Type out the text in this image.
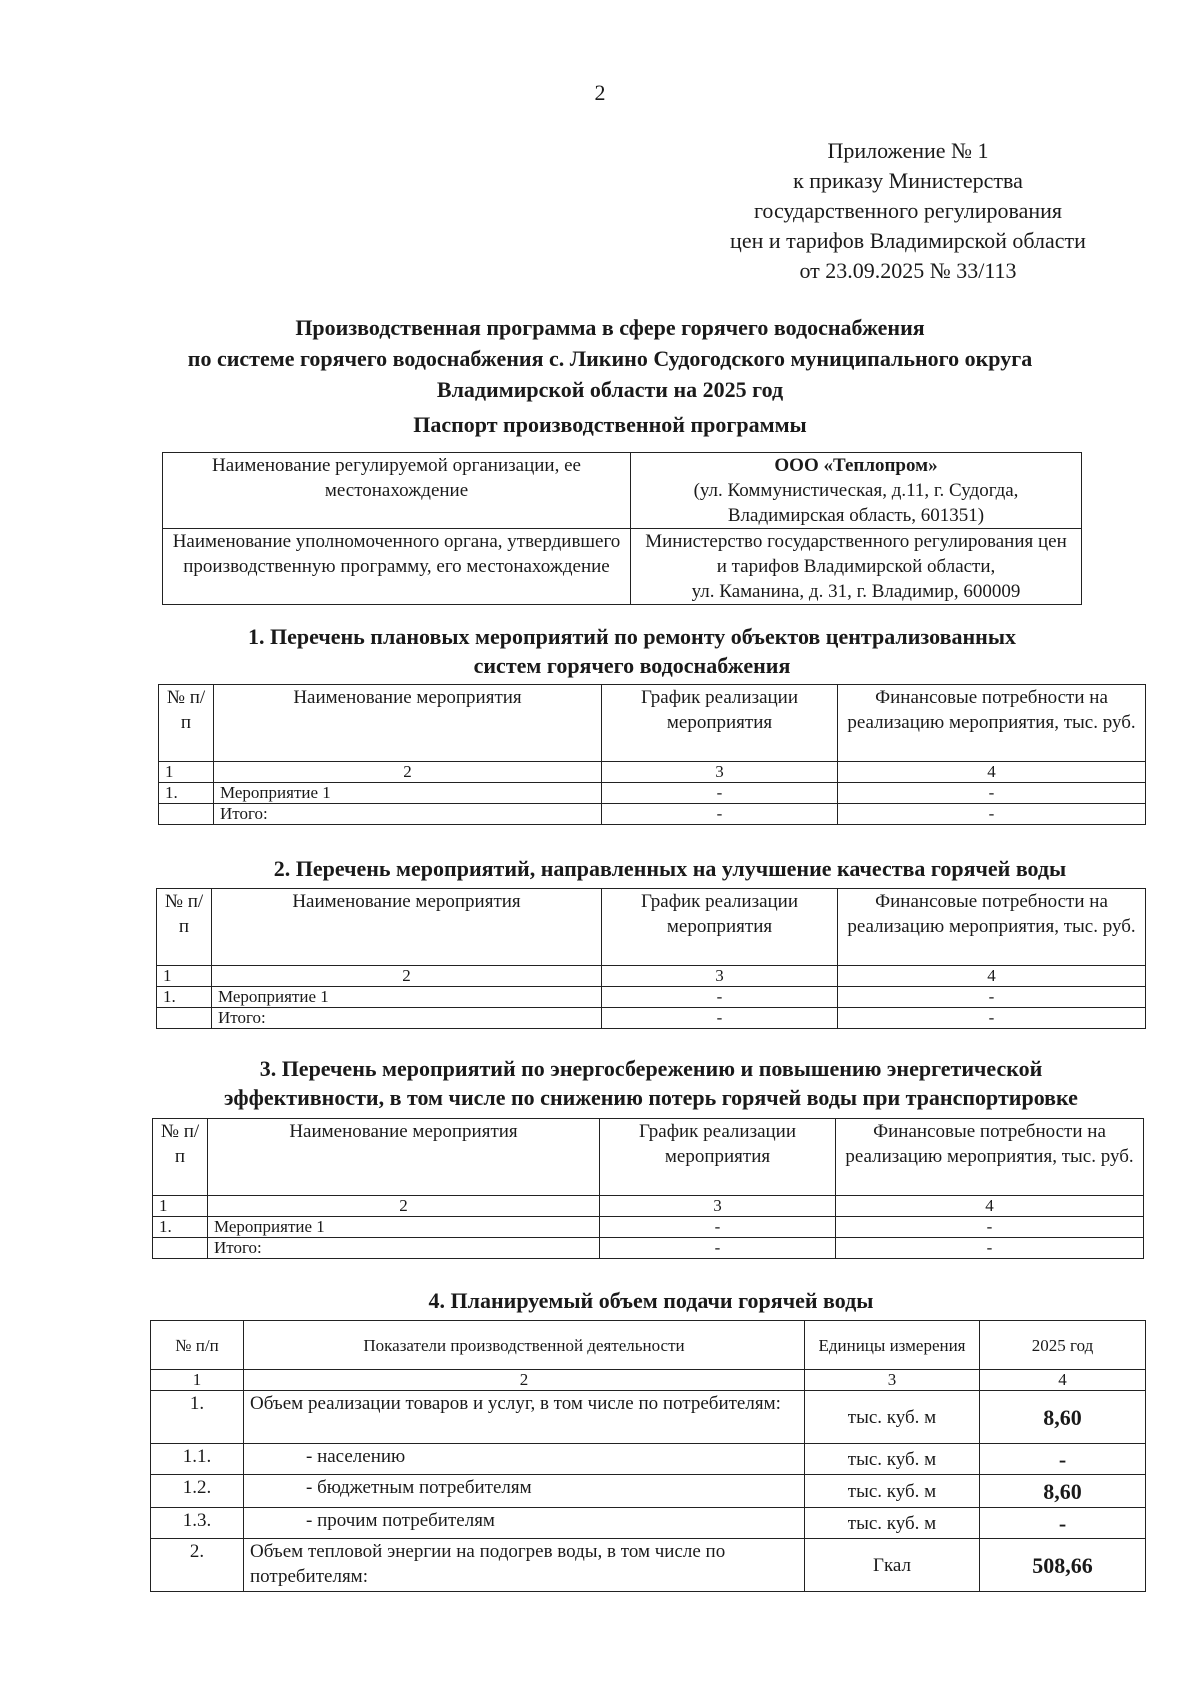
2
Приложение № 1
к приказу Министерства
государственного регулирования
цен и тарифов Владимирской области
от 23.09.2025 № 33/113
Производственная программа в сфере горячего водоснабжения
по системе горячего водоснабжения с. Ликино Судогодского муниципального округа
Владимирской области на 2025 год
Паспорт производственной программы
Наименование регулируемой организации, ее местонахождение	ООО «Теплопром»
(ул. Коммунистическая, д.11, г. Судогда,
Владимирская область, 601351)

Наименование уполномоченного органа, утвердившего производственную программу, его местонахождение	Министерство государственного регулирования цен
и тарифов Владимирской области,
ул. Каманина, д. 31, г. Владимир, 600009
1. Перечень плановых мероприятий по ремонту объектов централизованных
систем горячего водоснабжения
№ п/п	Наименование мероприятия	График реализации мероприятия	Финансовые потребности на реализацию мероприятия, тыс. руб.
1	2	3	4
1.	Мероприятие 1	-	-
	Итого:	-	-
2. Перечень мероприятий, направленных на улучшение качества горячей воды
№ п/п	Наименование мероприятия	График реализации мероприятия	Финансовые потребности на реализацию мероприятия, тыс. руб.
1	2	3	4
1.	Мероприятие 1	-	-
	Итого:	-	-
3. Перечень мероприятий по энергосбережению и повышению энергетической
эффективности, в том числе по снижению потерь горячей воды при транспортировке
№ п/п	Наименование мероприятия	График реализации мероприятия	Финансовые потребности на реализацию мероприятия, тыс. руб.
1	2	3	4
1.	Мероприятие 1	-	-
	Итого:	-	-
4. Планируемый объем подачи горячей воды
№ п/п	Показатели производственной деятельности	Единицы измерения	2025 год
1	2	3	4
1.	Объем реализации товаров и услуг, в том числе по потребителям:	тыс. куб. м	8,60
1.1.	- населению	тыс. куб. м	-
1.2.	- бюджетным потребителям	тыс. куб. м	8,60
1.3.	- прочим потребителям	тыс. куб. м	-
2.	Объем тепловой энергии на подогрев воды, в том числе по потребителям:	Гкал	508,66
